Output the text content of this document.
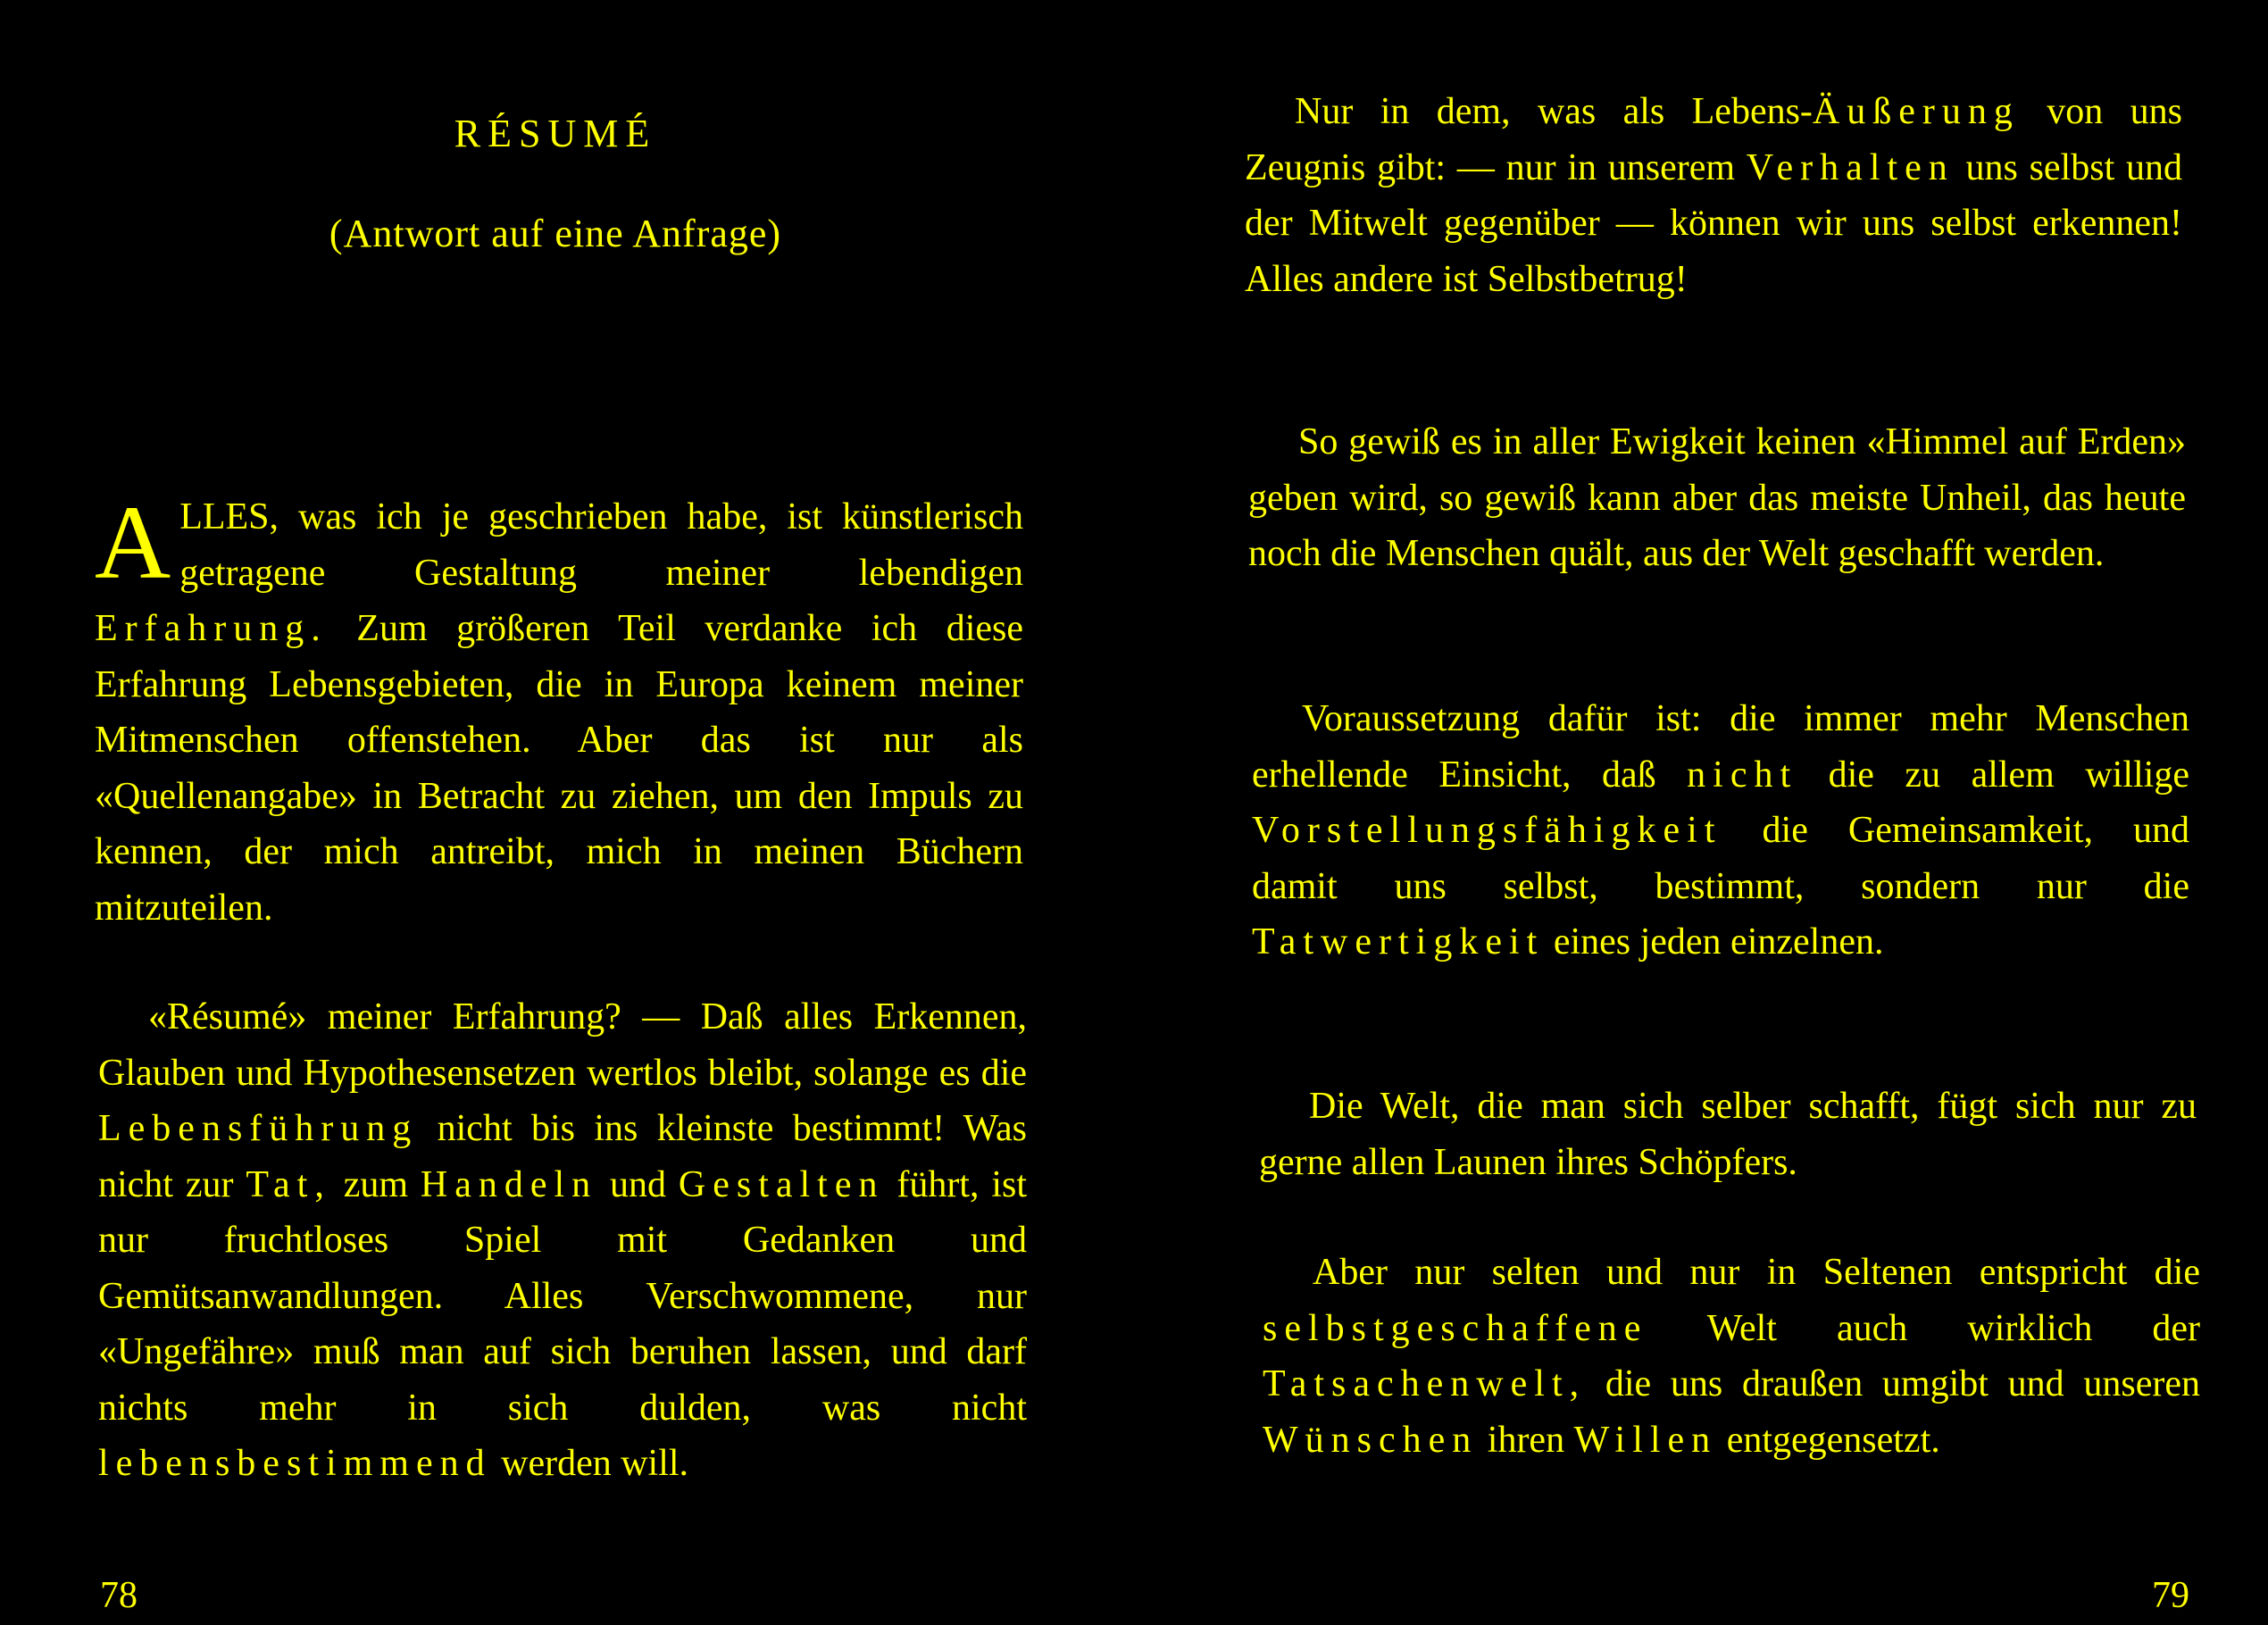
RÉSUMÉ
(Antwort auf eine Anfrage)

ALLES, was ich je geschrieben habe, ist künstlerisch getragene Gestaltung meiner lebendigen Erfahrung. Zum größeren Teil verdanke ich diese Erfahrung Lebensgebieten, die in Europa keinem meiner Mitmenschen offenstehen. Aber das ist nur als «Quellenangabe» in Betracht zu ziehen, um den Impuls zu kennen, der mich antreibt, mich in meinen Büchern mitzuteilen.

«Résumé» meiner Erfahrung? — Daß alles Erkennen, Glauben und Hypothesensetzen wertlos bleibt, solange es die Lebensführung nicht bis ins kleinste bestimmt! Was nicht zur Tat, zum Handeln und Gestalten führt, ist nur fruchtloses Spiel mit Gedanken und Gemütsanwandlungen. Alles Verschwommene, nur «Ungefähre» muß man auf sich beruhen lassen, und darf nichts mehr in sich dulden, was nicht lebensbestimmend werden will.

78

Nur in dem, was als Lebens-Äußerung von uns Zeugnis gibt: — nur in unserem Verhalten uns selbst und der Mitwelt gegenüber — können wir uns selbst erkennen! Alles andere ist Selbstbetrug!

So gewiß es in aller Ewigkeit keinen «Himmel auf Erden» geben wird, so gewiß kann aber das meiste Unheil, das heute noch die Menschen quält, aus der Welt geschafft werden.

Voraussetzung dafür ist: die immer mehr Menschen erhellende Einsicht, daß nicht die zu allem willige Vorstellungsfähigkeit die Gemeinsamkeit, und damit uns selbst, bestimmt, sondern nur die Tatwertigkeit eines jeden einzelnen.

Die Welt, die man sich selber schafft, fügt sich nur zu gerne allen Launen ihres Schöpfers.

Aber nur selten und nur in Seltenen entspricht die selbstgeschaffene Welt auch wirklich der Tatsachenwelt, die uns draußen umgibt und unseren Wünschen ihren Willen entgegensetzt.

79
